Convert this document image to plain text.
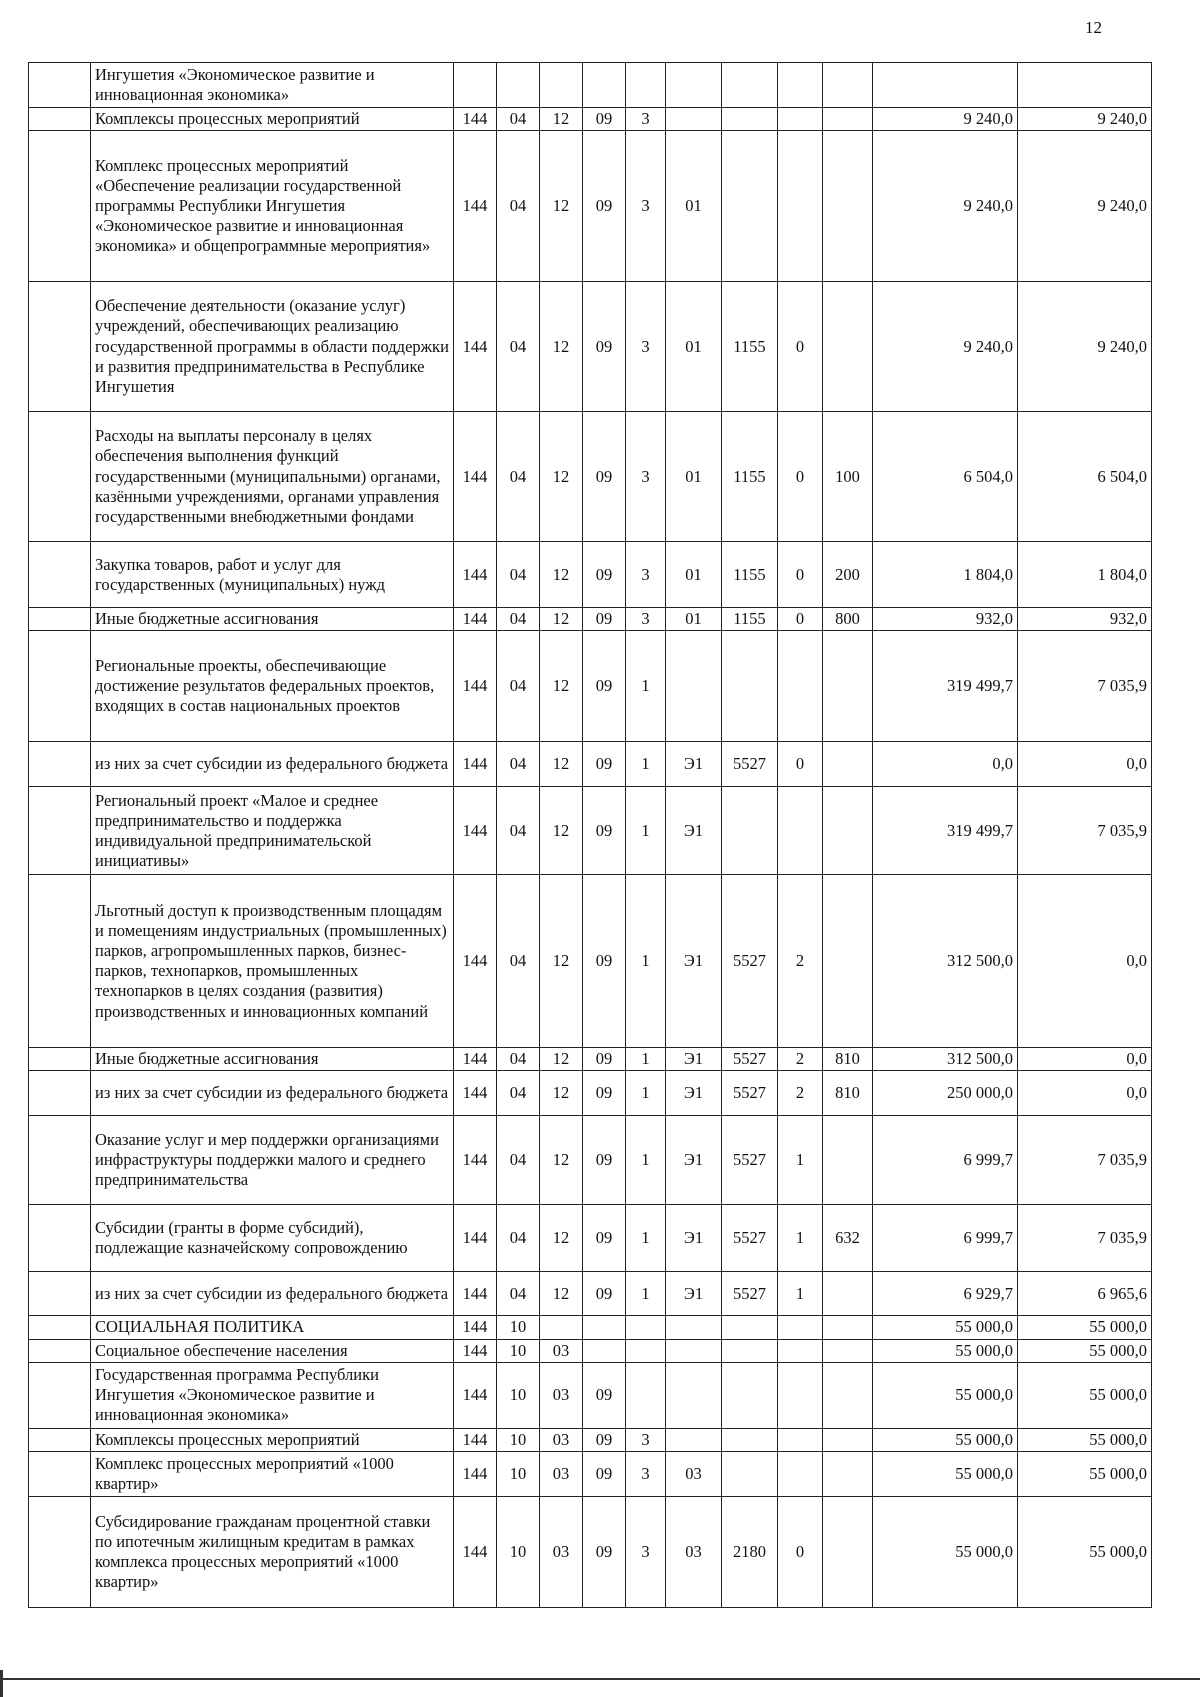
12
	Ингушетия «Экономическое развитие и инновационная экономика»											
	Комплексы процессных мероприятий	144	04	12	09	3					9 240,0	9 240,0
	Комплекс процессных мероприятий «Обеспечение реализации государственной программы Республики Ингушетия «Экономическое развитие и инновационная экономика» и общепрограммные мероприятия»	144	04	12	09	3	01				9 240,0	9 240,0
	Обеспечение деятельности (оказание услуг) учреждений, обеспечивающих реализацию государственной программы в области поддержки и развития предпринимательства в Республике Ингушетия	144	04	12	09	3	01	1155	0		9 240,0	9 240,0
	Расходы на выплаты персоналу в целях обеспечения выполнения функций государственными (муниципальными) органами, казёнными учреждениями, органами управления государственными внебюджетными фондами	144	04	12	09	3	01	1155	0	100	6 504,0	6 504,0
	Закупка товаров, работ и услуг для государственных (муниципальных) нужд	144	04	12	09	3	01	1155	0	200	1 804,0	1 804,0
	Иные бюджетные ассигнования	144	04	12	09	3	01	1155	0	800	932,0	932,0
	Региональные проекты, обеспечивающие достижение результатов федеральных проектов, входящих в состав национальных проектов	144	04	12	09	1					319 499,7	7 035,9
	из них за счет субсидии из федерального бюджета	144	04	12	09	1	Э1	5527	0		0,0	0,0
	Региональный проект «Малое и среднее предпринимательство и поддержка индивидуальной предпринимательской инициативы»	144	04	12	09	1	Э1				319 499,7	7 035,9
	Льготный доступ к производственным площадям и помещениям индустриальных (промышленных) парков, агропромышленных парков, бизнес-парков, технопарков, промышленных технопарков в целях создания (развития) производственных и инновационных компаний	144	04	12	09	1	Э1	5527	2		312 500,0	0,0
	Иные бюджетные ассигнования	144	04	12	09	1	Э1	5527	2	810	312 500,0	0,0
	из них за счет субсидии из федерального бюджета	144	04	12	09	1	Э1	5527	2	810	250 000,0	0,0
	Оказание услуг и мер поддержки организациями инфраструктуры поддержки малого и среднего предпринимательства	144	04	12	09	1	Э1	5527	1		6 999,7	7 035,9
	Субсидии (гранты в форме субсидий), подлежащие казначейскому сопровождению	144	04	12	09	1	Э1	5527	1	632	6 999,7	7 035,9
	из них за счет субсидии из федерального бюджета	144	04	12	09	1	Э1	5527	1		6 929,7	6 965,6
	СОЦИАЛЬНАЯ ПОЛИТИКА	144	10								55 000,0	55 000,0
	Социальное обеспечение населения	144	10	03							55 000,0	55 000,0
	Государственная программа Республики Ингушетия «Экономическое развитие и инновационная экономика»	144	10	03	09						55 000,0	55 000,0
	Комплексы процессных мероприятий	144	10	03	09	3					55 000,0	55 000,0
	Комплекс процессных мероприятий «1000 квартир»	144	10	03	09	3	03				55 000,0	55 000,0
	Субсидирование гражданам процентной ставки по ипотечным жилищным кредитам в рамках комплекса процессных мероприятий «1000 квартир»	144	10	03	09	3	03	2180	0		55 000,0	55 000,0
